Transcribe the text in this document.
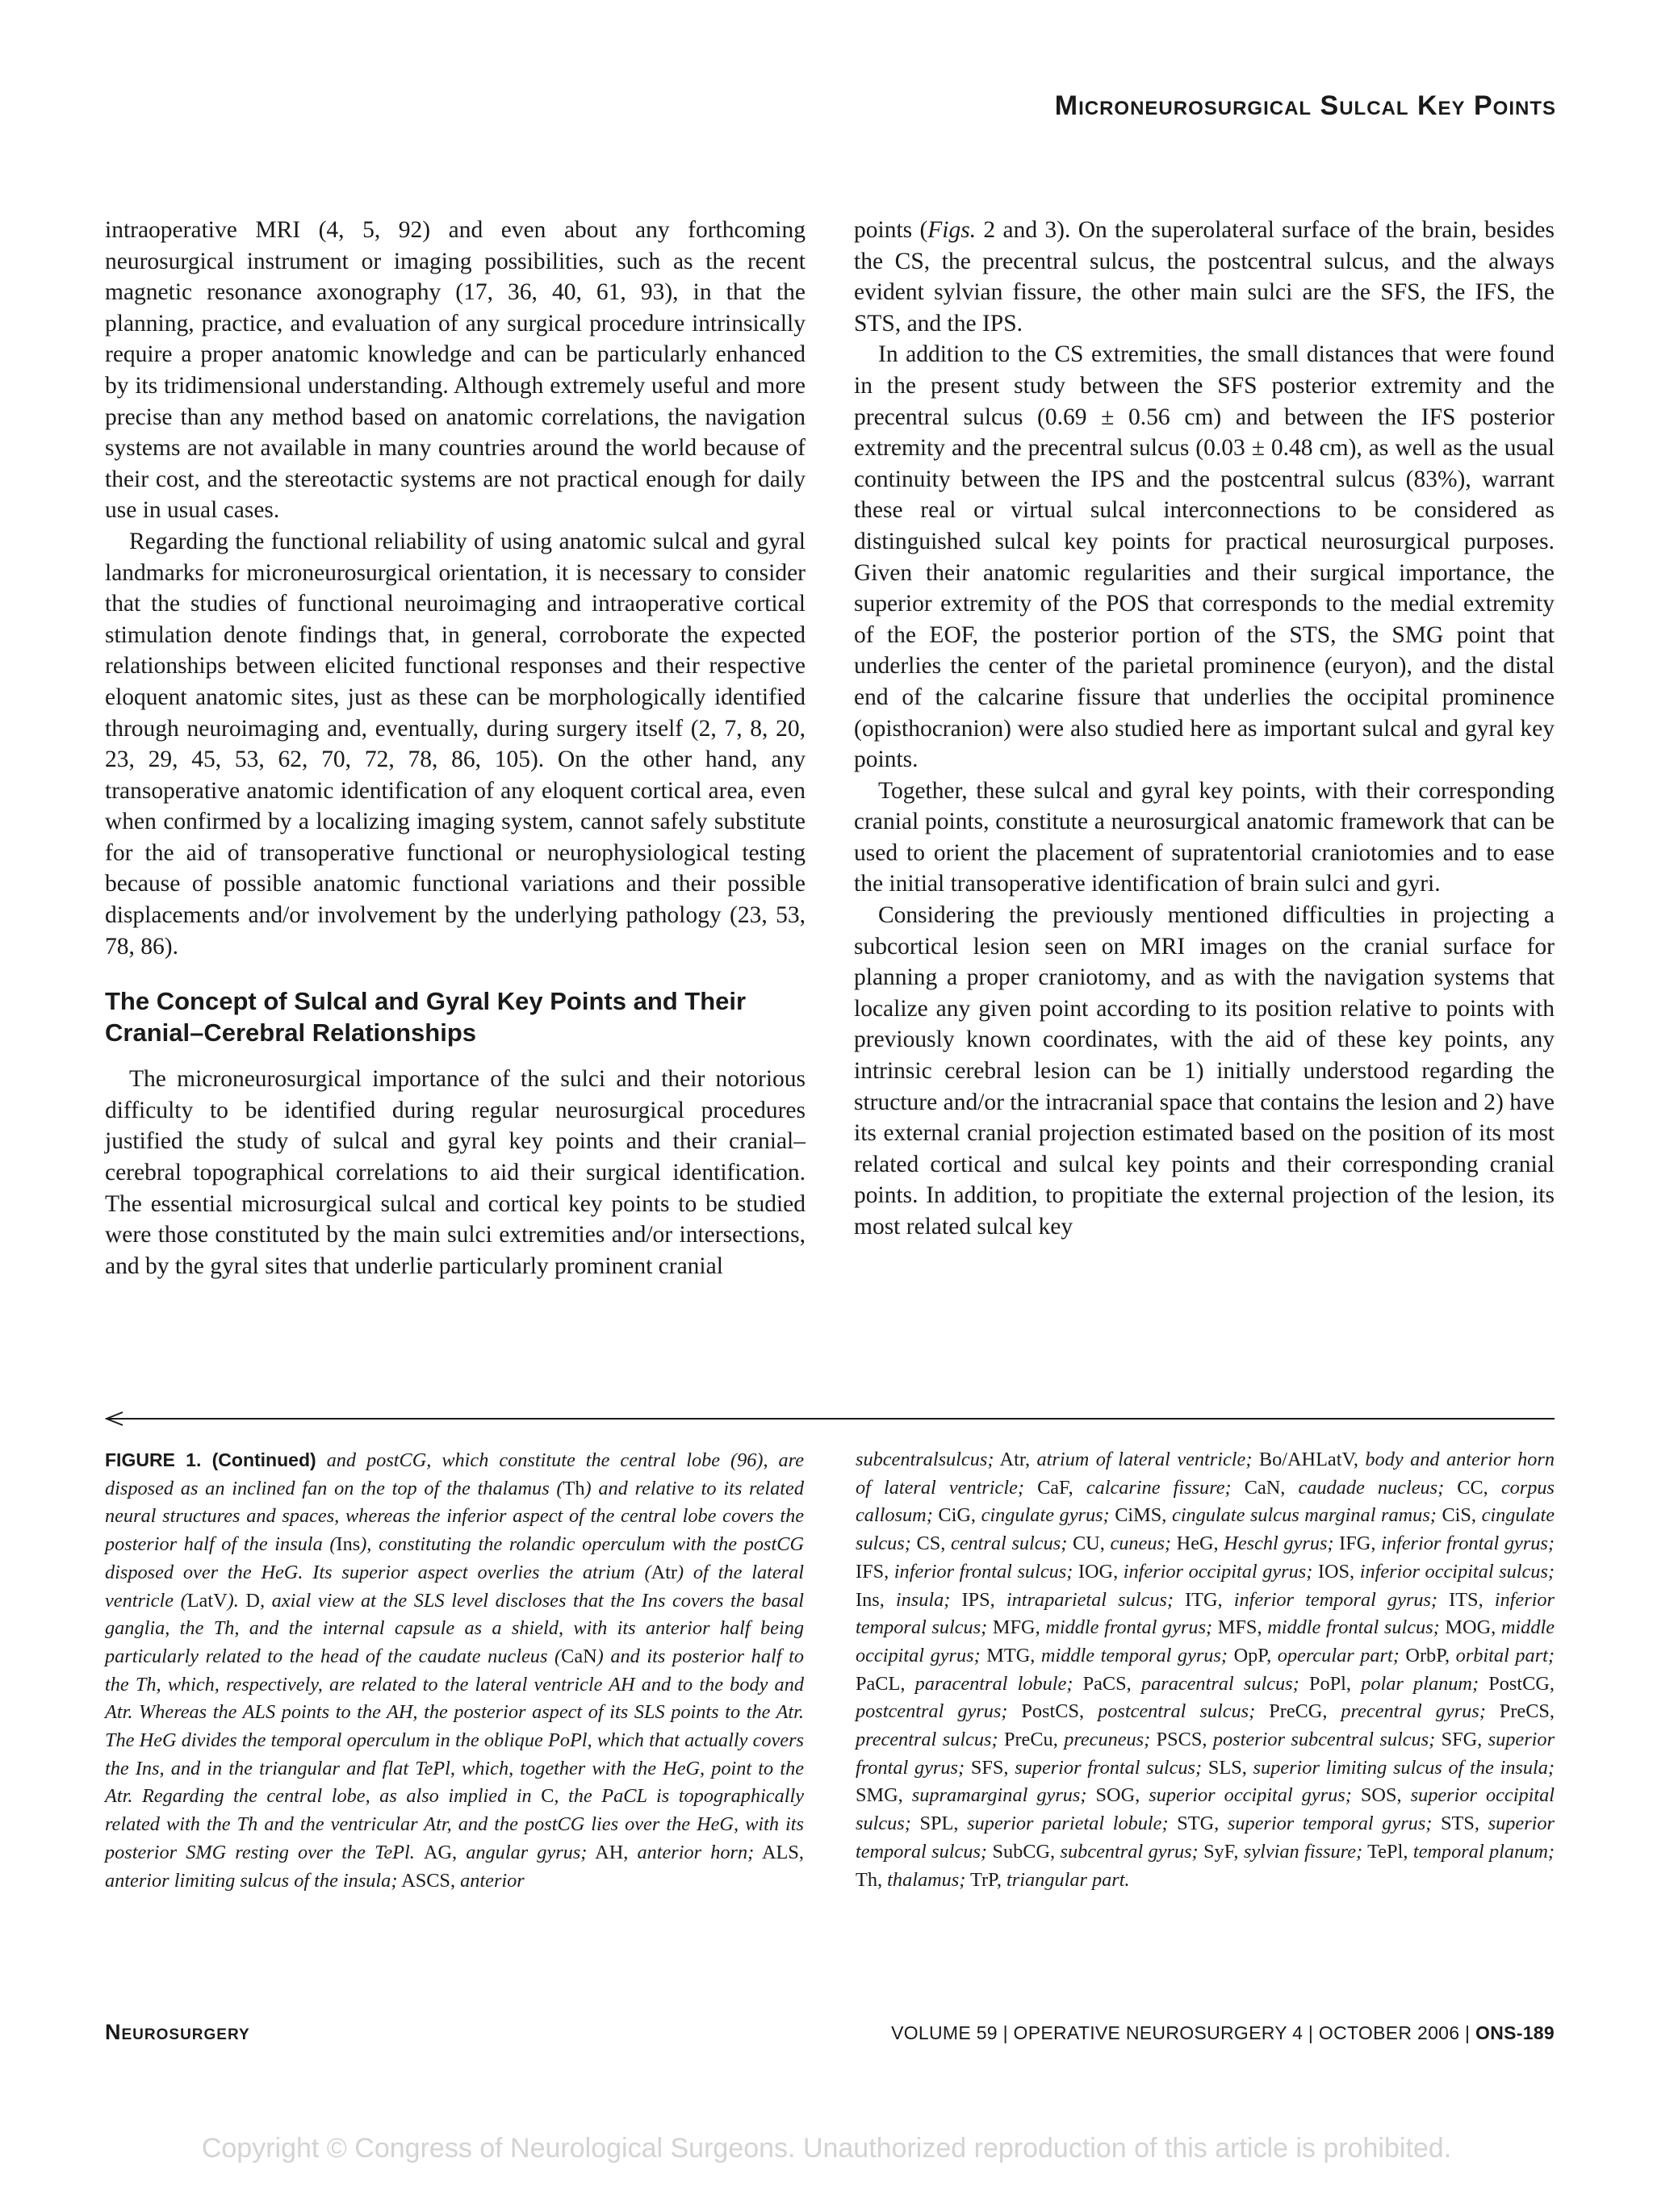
Microneurosurgical Sulcal Key Points

intraoperative MRI (4, 5, 92) and even about any forthcoming neurosurgical instrument or imaging possibilities, such as the recent magnetic resonance axonography (17, 36, 40, 61, 93), in that the planning, practice, and evaluation of any surgical procedure intrinsically require a proper anatomic knowledge and can be particularly enhanced by its tridimensional understanding. Although extremely useful and more precise than any method based on anatomic correlations, the navigation systems are not available in many countries around the world because of their cost, and the stereotactic systems are not practical enough for daily use in usual cases.

Regarding the functional reliability of using anatomic sulcal and gyral landmarks for microneurosurgical orientation, it is necessary to consider that the studies of functional neuroimaging and intraoperative cortical stimulation denote findings that, in general, corroborate the expected relationships between elicited functional responses and their respective eloquent anatomic sites, just as these can be morphologically identified through neuroimaging and, eventually, during surgery itself (2, 7, 8, 20, 23, 29, 45, 53, 62, 70, 72, 78, 86, 105). On the other hand, any transoperative anatomic identification of any eloquent cortical area, even when confirmed by a localizing imaging system, cannot safely substitute for the aid of transoperative functional or neurophysiological testing because of possible anatomic functional variations and their possible displacements and/or involvement by the underlying pathology (23, 53, 78, 86).

The Concept of Sulcal and Gyral Key Points and Their Cranial–Cerebral Relationships

The microneurosurgical importance of the sulci and their notorious difficulty to be identified during regular neurosurgical procedures justified the study of sulcal and gyral key points and their cranial–cerebral topographical correlations to aid their surgical identification. The essential microsurgical sulcal and cortical key points to be studied were those constituted by the main sulci extremities and/or intersections, and by the gyral sites that underlie particularly prominent cranial

points (Figs. 2 and 3). On the superolateral surface of the brain, besides the CS, the precentral sulcus, the postcentral sulcus, and the always evident sylvian fissure, the other main sulci are the SFS, the IFS, the STS, and the IPS.

In addition to the CS extremities, the small distances that were found in the present study between the SFS posterior extremity and the precentral sulcus (0.69 ± 0.56 cm) and between the IFS posterior extremity and the precentral sulcus (0.03 ± 0.48 cm), as well as the usual continuity between the IPS and the postcentral sulcus (83%), warrant these real or virtual sulcal interconnections to be considered as distinguished sulcal key points for practical neurosurgical purposes. Given their anatomic regularities and their surgical importance, the superior extremity of the POS that corresponds to the medial extremity of the EOF, the posterior portion of the STS, the SMG point that underlies the center of the parietal prominence (euryon), and the distal end of the calcarine fissure that underlies the occipital prominence (opisthocranion) were also studied here as important sulcal and gyral key points.

Together, these sulcal and gyral key points, with their corresponding cranial points, constitute a neurosurgical anatomic framework that can be used to orient the placement of supratentorial craniotomies and to ease the initial transoperative identification of brain sulci and gyri.

Considering the previously mentioned difficulties in projecting a subcortical lesion seen on MRI images on the cranial surface for planning a proper craniotomy, and as with the navigation systems that localize any given point according to its position relative to points with previously known coordinates, with the aid of these key points, any intrinsic cerebral lesion can be 1) initially understood regarding the structure and/or the intracranial space that contains the lesion and 2) have its external cranial projection estimated based on the position of its most related cortical and sulcal key points and their corresponding cranial points. In addition, to propitiate the external projection of the lesion, its most related sulcal key

FIGURE 1. (Continued) and postCG, which constitute the central lobe (96), are disposed as an inclined fan on the top of the thalamus (Th) and relative to its related neural structures and spaces, whereas the inferior aspect of the central lobe covers the posterior half of the insula (Ins), constituting the rolandic operculum with the postCG disposed over the HeG. Its superior aspect overlies the atrium (Atr) of the lateral ventricle (LatV). D, axial view at the SLS level discloses that the Ins covers the basal ganglia, the Th, and the internal capsule as a shield, with its anterior half being particularly related to the head of the caudate nucleus (CaN) and its posterior half to the Th, which, respectively, are related to the lateral ventricle AH and to the body and Atr. Whereas the ALS points to the AH, the posterior aspect of its SLS points to the Atr. The HeG divides the temporal operculum in the oblique PoPl, which that actually covers the Ins, and in the triangular and flat TePl, which, together with the HeG, point to the Atr. Regarding the central lobe, as also implied in C, the PaCL is topographically related with the Th and the ventricular Atr, and the postCG lies over the HeG, with its posterior SMG resting over the TePl. AG, angular gyrus; AH, anterior horn; ALS, anterior limiting sulcus of the insula; ASCS, anterior
subcentralsulcus; Atr, atrium of lateral ventricle; Bo/AHLatV, body and anterior horn of lateral ventricle; CaF, calcarine fissure; CaN, caudade nucleus; CC, corpus callosum; CiG, cingulate gyrus; CiMS, cingulate sulcus marginal ramus; CiS, cingulate sulcus; CS, central sulcus; CU, cuneus; HeG, Heschl gyrus; IFG, inferior frontal gyrus; IFS, inferior frontal sulcus; IOG, inferior occipital gyrus; IOS, inferior occipital sulcus; Ins, insula; IPS, intraparietal sulcus; ITG, inferior temporal gyrus; ITS, inferior temporal sulcus; MFG, middle frontal gyrus; MFS, middle frontal sulcus; MOG, middle occipital gyrus; MTG, middle temporal gyrus; OpP, opercular part; OrbP, orbital part; PaCL, paracentral lobule; PaCS, paracentral sulcus; PoPl, polar planum; PostCG, postcentral gyrus; PostCS, postcentral sulcus; PreCG, precentral gyrus; PreCS, precentral sulcus; PreCu, precuneus; PSCS, posterior subcentral sulcus; SFG, superior frontal gyrus; SFS, superior frontal sulcus; SLS, superior limiting sulcus of the insula; SMG, supramarginal gyrus; SOG, superior occipital gyrus; SOS, superior occipital sulcus; SPL, superior parietal lobule; STG, superior temporal gyrus; STS, superior temporal sulcus; SubCG, subcentral gyrus; SyF, sylvian fissure; TePl, temporal planum; Th, thalamus; TrP, triangular part.
Neurosurgery	VOLUME 59 | OPERATIVE NEUROSURGERY 4 | OCTOBER 2006 | ONS-189
Copyright © Congress of Neurological Surgeons. Unauthorized reproduction of this article is prohibited.
